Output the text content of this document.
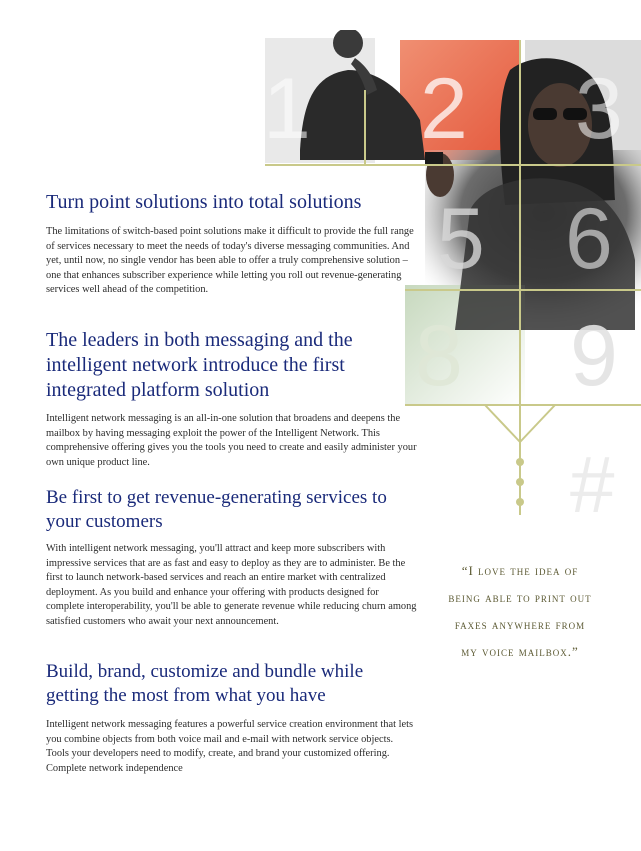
1 2 3
5 6
8 9
#
Turn point solutions into total solutions

The limitations of switch-based point solutions make it difficult to provide the full range of services necessary to meet the needs of today's diverse messaging communities. And yet, until now, no single vendor has been able to offer a truly comprehensive solution – one that enhances subscriber experience while letting you roll out revenue-generating services well ahead of the competition.

The leaders in both messaging and the intelligent network introduce the first integrated platform solution

Intelligent network messaging is an all-in-one solution that broadens and deepens the mailbox by having messaging exploit the power of the Intelligent Network. This comprehensive offering gives you the tools you need to create and easily administer your own unique product line.

Be first to get revenue-generating services to your customers

With intelligent network messaging, you'll attract and keep more subscribers with impressive services that are as fast and easy to deploy as they are to administer. Be the first to launch network-based services and reach an entire market with centralized deployment. As you build and enhance your offering with products designed for complete interoperability, you'll be able to generate revenue while reducing churn among satisfied customers who await your next announcement.

Build, brand, customize and bundle while getting the most from what you have

Intelligent network messaging features a powerful service creation environment that lets you combine objects from both voice mail and e-mail with network service objects. Tools your developers need to modify, create, and brand your customized offering. Complete network independence

“I love the idea of
being able to print out
faxes anywhere from
my voice mailbox.”
